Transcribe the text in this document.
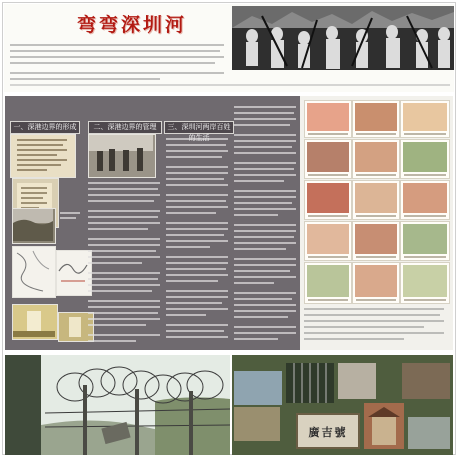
弯弯深圳河
一、深港边界的形成	二、深港边界的管理	三、深圳河两岸百姓
廣吉號
